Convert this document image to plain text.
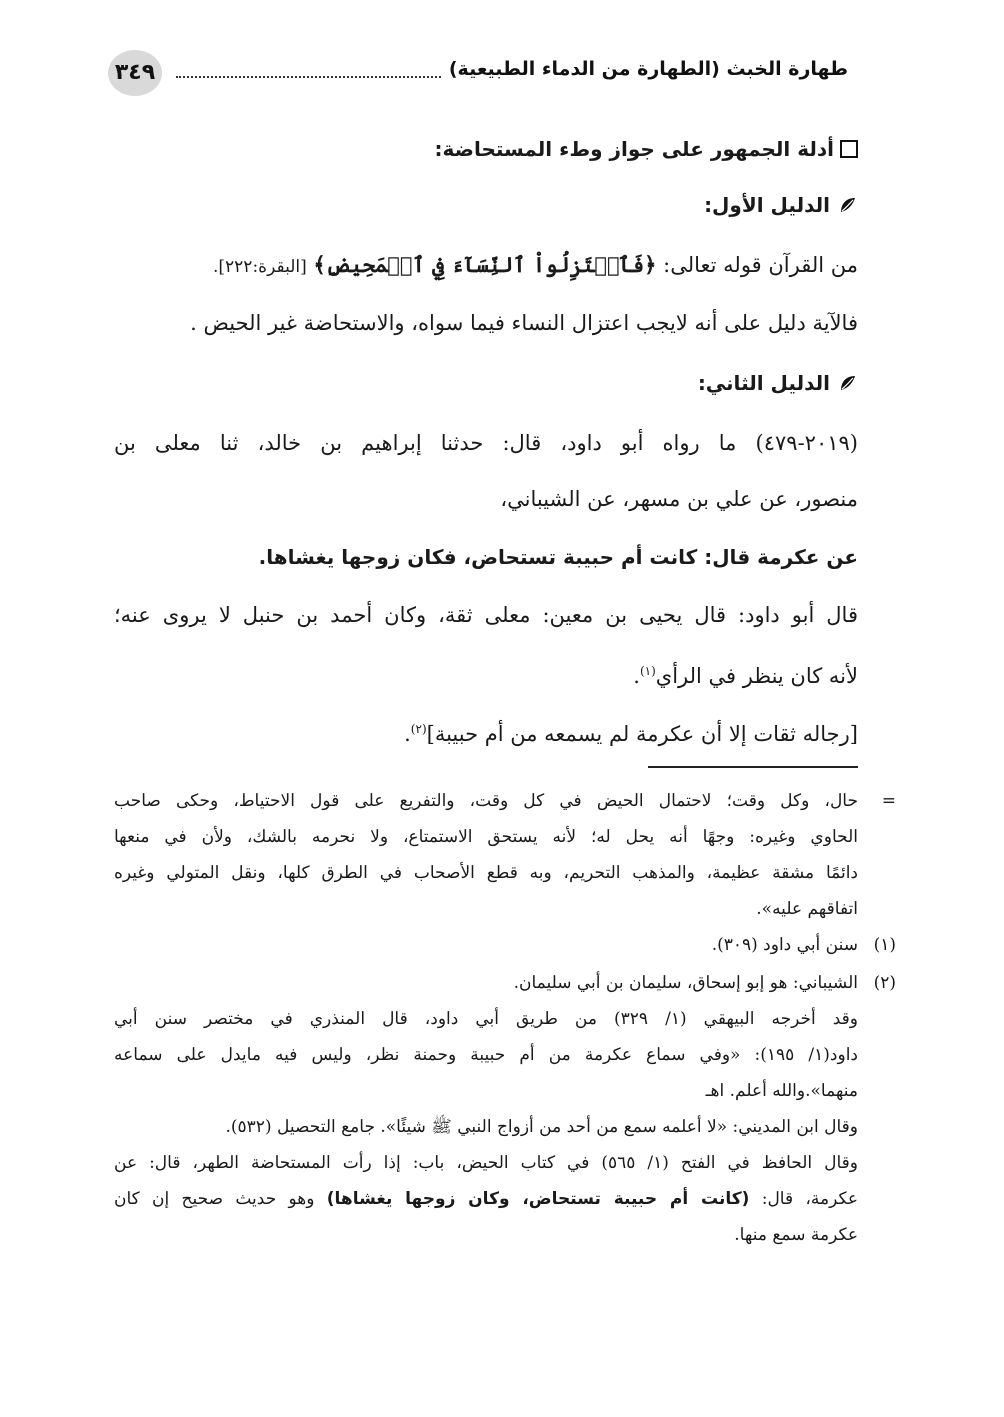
طهارة الخبث (الطهارة من الدماء الطبيعية)
٣٤٩

أدلة الجمهور على جواز وطء المستحاضة:

الدليل الأول:

من القرآن قوله تعالى: ﴿فَٱعۡتَزِلُواْ ٱلنِّسَآءَ فِي ٱلۡمَحِيضِ﴾ [البقرة:٢٢٢].

فالآية دليل على أنه لايجب اعتزال النساء فيما سواه، والاستحاضة غير الحيض .

الدليل الثاني:

(٢٠١٩-٤٧٩) ما رواه أبو داود، قال: حدثنا إبراهيم بن خالد، ثنا معلى بن

منصور، عن علي بن مسهر، عن الشيباني،

عن عكرمة قال: كانت أم حبيبة تستحاض، فكان زوجها يغشاها.

قال أبو داود: قال يحيى بن معين: معلى ثقة، وكان أحمد بن حنبل لا يروى عنه؛

لأنه كان ينظر في الرأي$^{(١)}$.

[رجاله ثقات إلا أن عكرمة لم يسمعه من أم حبيبة]$^{(٢)}$.

=
حال، وكل وقت؛ لاحتمال الحيض في كل وقت، والتفريع على قول الاحتياط، وحكى صاحب
الحاوي وغيره: وجهًا أنه يحل له؛ لأنه يستحق الاستمتاع، ولا نحرمه بالشك، ولأن في منعها
دائمًا مشقة عظيمة، والمذهب التحريم، وبه قطع الأصحاب في الطرق كلها، ونقل المتولي وغيره
اتفاقهم عليه».
(١)
سنن أبي داود (٣٠٩).
(٢)
الشيباني: هو إبو إسحاق، سليمان بن أبي سليمان.
وقد أخرجه البيهقي (١/ ٣٢٩) من طريق أبي داود، قال المنذري في مختصر سنن أبي
داود(١/ ١٩٥): «وفي سماع عكرمة من أم حبيبة وحمنة نظر، وليس فيه مايدل على سماعه
منهما».والله أعلم. اهـ
وقال ابن المديني: «لا أعلمه سمع من أحد من أزواج النبي ﷺ شيئًا». جامع التحصيل (٥٣٢).
وقال الحافظ في الفتح (١/ ٥٦٥) في كتاب الحيض، باب: إذا رأت المستحاضة الطهر، قال: عن
عكرمة، قال: (كانت أم حبيبة تستحاض، وكان زوجها يغشاها) وهو حديث صحيح إن كان
عكرمة سمع منها.
